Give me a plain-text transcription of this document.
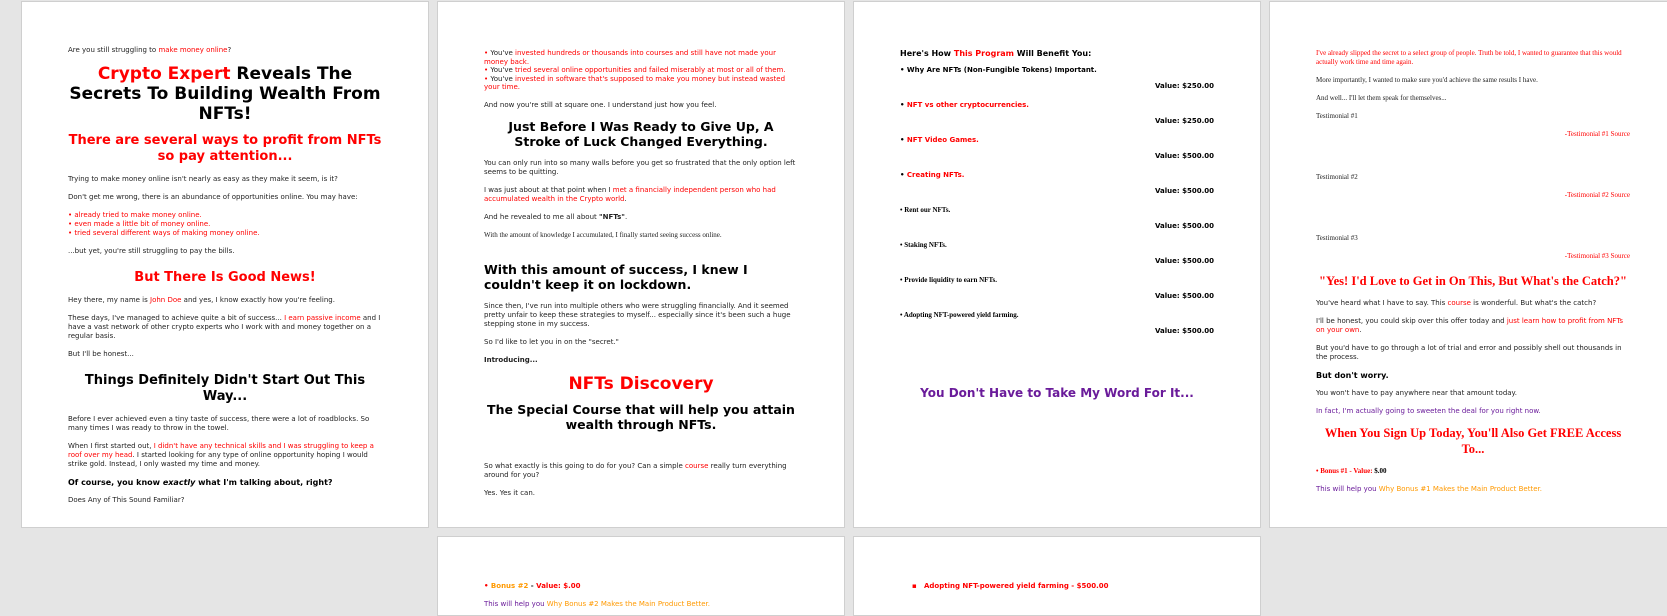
Are you still struggling to make money online?

Crypto Expert Reveals The Secrets To Building Wealth From NFTs!
There are several ways to profit from NFTs so pay attention...

Trying to make money online isn't nearly as easy as they make it seem, is it?

Don't get me wrong, there is an abundance of opportunities online. You may have:

• already tried to make money online.
• even made a little bit of money online.
• tried several different ways of making money online.

...but yet, you're still struggling to pay the bills.

But There Is Good News!

Hey there, my name is John Doe and yes, I know exactly how you're feeling.

These days, I've managed to achieve quite a bit of success... I earn passive income and I have a vast network of other crypto experts who I work with and money together on a regular basis.

But I'll be honest...

Things Definitely Didn't Start Out This Way...

Before I ever achieved even a tiny taste of success, there were a lot of roadblocks. So many times I was ready to throw in the towel.

When I first started out, I didn't have any technical skills and I was struggling to keep a roof over my head. I started looking for any type of online opportunity hoping I would strike gold. Instead, I only wasted my time and money.

Of course, you know exactly what I'm talking about, right?

Does Any of This Sound Familiar?

• You've invested hundreds or thousands into courses and still have not made your money back.
• You've tried several online opportunities and failed miserably at most or all of them.
• You've invested in software that's supposed to make you money but instead wasted your time.

And now you're still at square one. I understand just how you feel.

Just Before I Was Ready to Give Up, A Stroke of Luck Changed Everything.

You can only run into so many walls before you get so frustrated that the only option left seems to be quitting.

I was just about at that point when I met a financially independent person who had accumulated wealth in the Crypto world.

And he revealed to me all about "NFTs".

With the amount of knowledge I accumulated, I finally started seeing success online.

With this amount of success, I knew I couldn't keep it on lockdown.

Since then, I've run into multiple others who were struggling financially. And it seemed pretty unfair to keep these strategies to myself... especially since it's been such a huge stepping stone in my success.

So I'd like to let you in on the "secret."

Introducing...

NFTs Discovery
The Special Course that will help you attain wealth through NFTs.

So what exactly is this going to do for you? Can a simple course really turn everything around for you?

Yes. Yes it can.

Here's How This Program Will Benefit You:

• Why Are NFTs (Non-Fungible Tokens) Important.
Value: $250.00
• NFT vs other cryptocurrencies.
Value: $250.00
• NFT Video Games.
Value: $500.00
• Creating NFTs.
Value: $500.00
• Rent our NFTs.
Value: $500.00
• Staking NFTs.
Value: $500.00
• Provide liquidity to earn NFTs.
Value: $500.00
• Adopting NFT-powered yield farming.
Value: $500.00
You Don't Have to Take My Word For It...

I've already slipped the secret to a select group of people. Truth be told, I wanted to guarantee that this would actually work time and time again.

More importantly, I wanted to make sure you'd achieve the same results I have.

And well... I'll let them speak for themselves...

Testimonial #1

-Testimonial #1 Source

Testimonial #2

-Testimonial #2 Source

Testimonial #3

-Testimonial #3 Source
"Yes! I'd Love to Get in On This, But What's the Catch?"

You've heard what I have to say. This course is wonderful. But what's the catch?

I'll be honest, you could skip over this offer today and just learn how to profit from NFTs on your own.

But you'd have to go through a lot of trial and error and possibly shell out thousands in the process.

But don't worry.

You won't have to pay anywhere near that amount today.

In fact, I'm actually going to sweeten the deal for you right now.

When You Sign Up Today, You'll Also Get FREE Access To...

• Bonus #1 - Value: $.00

This will help you Why Bonus #1 Makes the Main Product Better.

• Bonus #2 - Value: $.00

This will help you Why Bonus #2 Makes the Main Product Better.

▪ Adopting NFT-powered yield farming - $500.00
